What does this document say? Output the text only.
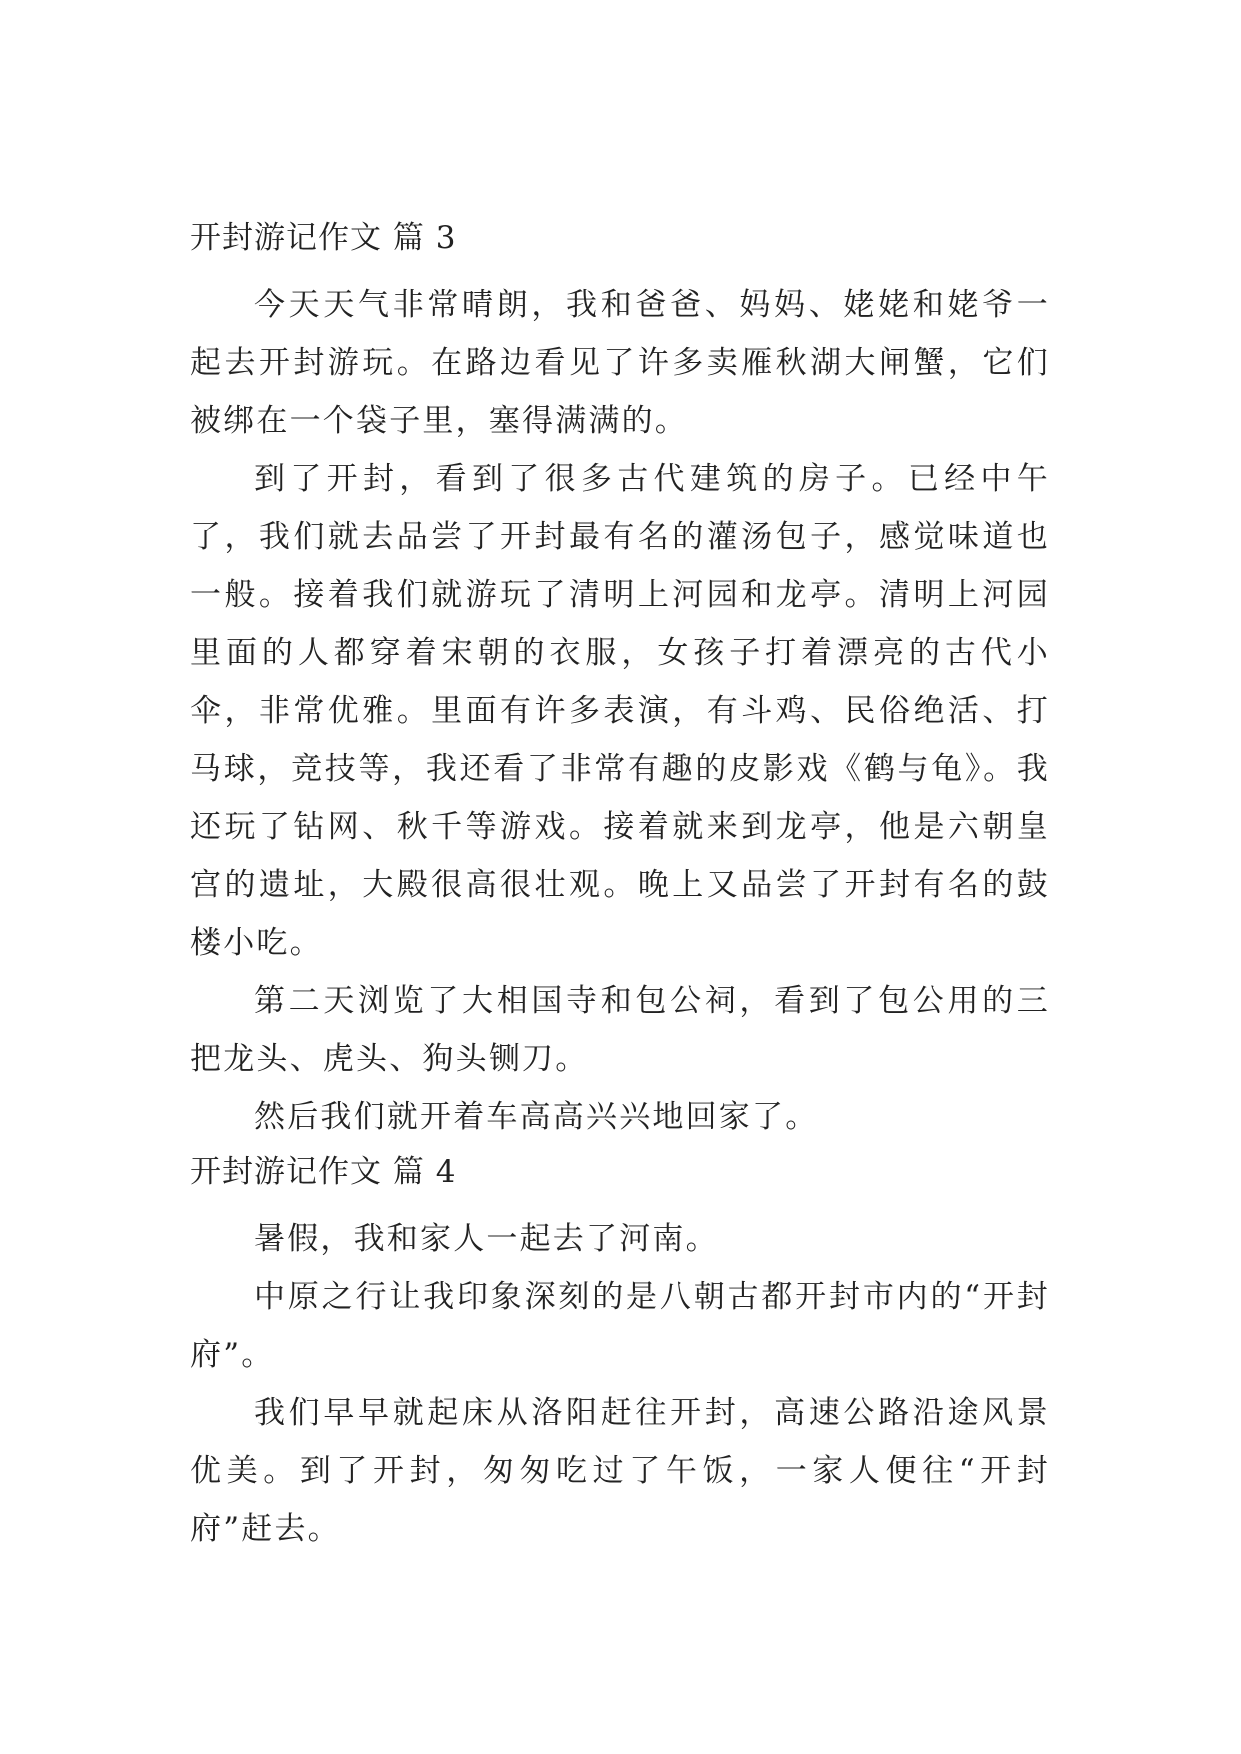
开封游记作文 篇 3

今天天气非常晴朗，我和爸爸、妈妈、姥姥和姥爷一起去开封游玩。在路边看见了许多卖雁秋湖大闸蟹，它们被绑在一个袋子里，塞得满满的。

到了开封，看到了很多古代建筑的房子。已经中午了，我们就去品尝了开封最有名的灌汤包子，感觉味道也一般。接着我们就游玩了清明上河园和龙亭。清明上河园里面的人都穿着宋朝的衣服，女孩子打着漂亮的古代小伞，非常优雅。里面有许多表演，有斗鸡、民俗绝活、打马球，竞技等，我还看了非常有趣的皮影戏《鹤与龟》。我还玩了钻网、秋千等游戏。接着就来到龙亭，他是六朝皇宫的遗址，大殿很高很壮观。晚上又品尝了开封有名的鼓楼小吃。

第二天浏览了大相国寺和包公祠，看到了包公用的三把龙头、虎头、狗头铡刀。

然后我们就开着车高高兴兴地回家了。

开封游记作文 篇 4

暑假，我和家人一起去了河南。

中原之行让我印象深刻的是八朝古都开封市内的“开封府”。

我们早早就起床从洛阳赶往开封，高速公路沿途风景优美。到了开封，匆匆吃过了午饭，一家人便往“开封府”赶去。
